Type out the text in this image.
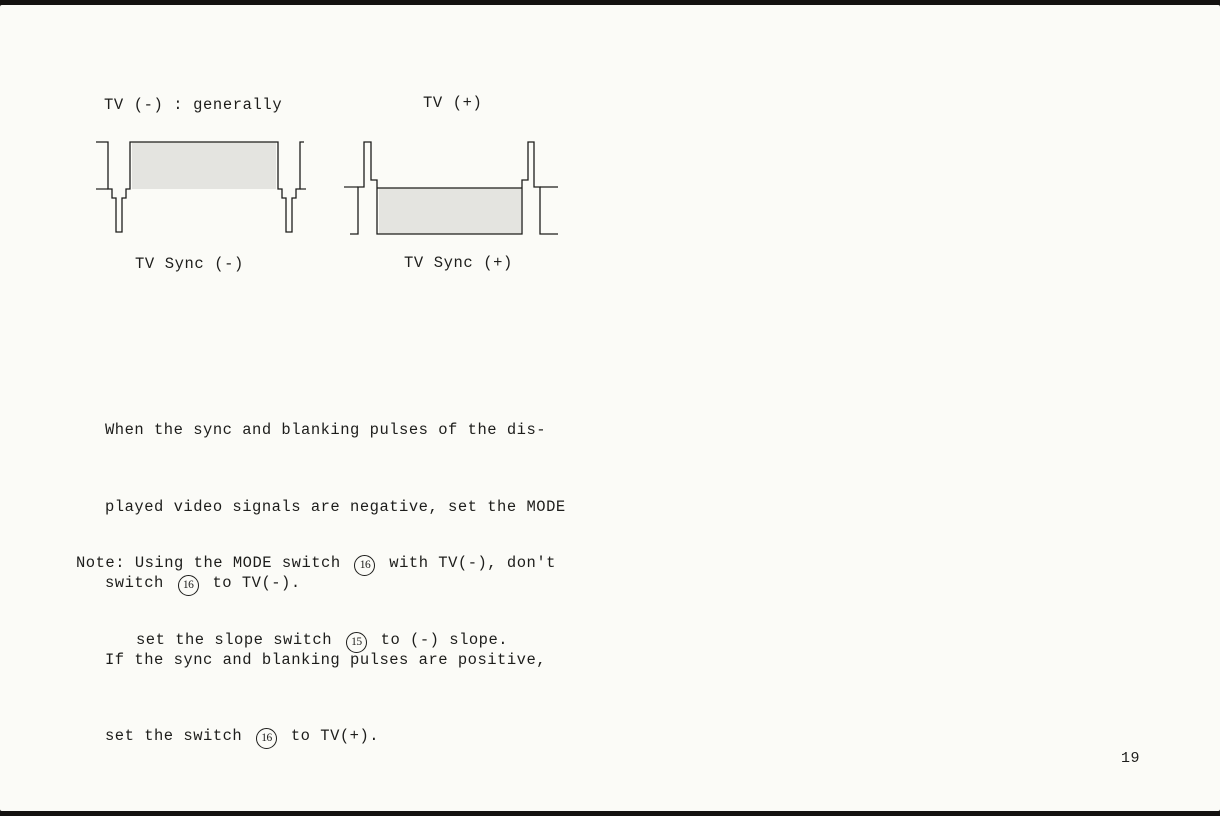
TV (-) : generally	TV (+)
TV Sync (-)	TV Sync (+)

When the sync and blanking pulses of the dis-

played video signals are negative, set the MODE

switch 16 to TV(-).

If the sync and blanking pulses are positive,

set the switch 16 to TV(+).

Note: Using the MODE switch 16 with TV(-), don't

set the slope switch 15 to (-) slope.

19
